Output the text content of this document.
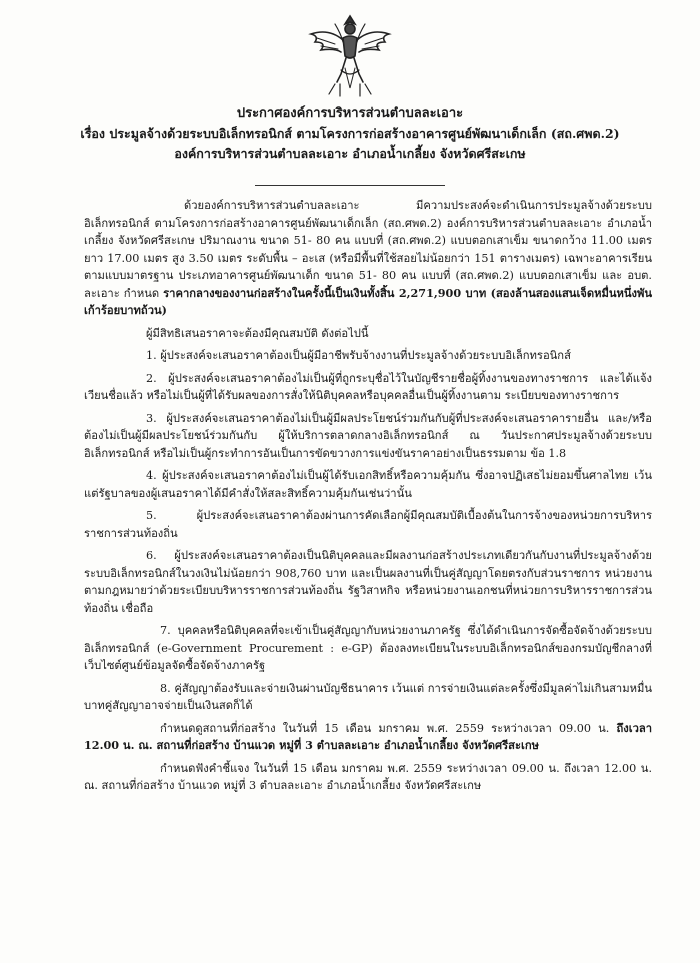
ประกาศองค์การบริหารส่วนตำบลละเอาะ
เรื่อง ประมูลจ้างด้วยระบบอิเล็กทรอนิกส์ ตามโครงการก่อสร้างอาคารศูนย์พัฒนาเด็กเล็ก (สถ.ศพด.2)
องค์การบริหารส่วนตำบลละเอาะ อำเภอน้ำเกลี้ยง จังหวัดศรีสะเกษ

ด้วยองค์การบริหารส่วนตำบลละเอาะ มีความประสงค์จะดำเนินการประมูลจ้างด้วยระบบอิเล็กทรอนิกส์ ตามโครงการก่อสร้างอาคารศูนย์พัฒนาเด็กเล็ก (สถ.ศพด.2) องค์การบริหารส่วนตำบลละเอาะ อำเภอน้ำเกลี้ยง จังหวัดศรีสะเกษ ปริมาณงาน ขนาด 51- 80 คน แบบที่ (สถ.ศพด.2) แบบตอกเสาเข็ม ขนาดกว้าง 11.00 เมตร ยาว 17.00 เมตร สูง 3.50 เมตร ระดับพื้น – อะเส (หรือมีพื้นที่ใช้สอยไม่น้อยกว่า 151 ตารางเมตร) เฉพาะอาคารเรียน ตามแบบมาตรฐาน ประเภทอาคารศูนย์พัฒนาเด็ก ขนาด 51- 80 คน แบบที่ (สถ.ศพด.2) แบบตอกเสาเข็ม และ อบต. ละเอาะ กำหนด ราคากลางของงานก่อสร้างในครั้งนี้เป็นเงินทั้งสิ้น 2,271,900 บาท (สองล้านสองแสนเจ็ดหมื่นหนึ่งพันเก้าร้อยบาทถ้วน)

ผู้มีสิทธิเสนอราคาจะต้องมีคุณสมบัติ ดังต่อไปนี้

1. ผู้ประสงค์จะเสนอราคาต้องเป็นผู้มีอาชีพรับจ้างงานที่ประมูลจ้างด้วยระบบอิเล็กทรอนิกส์

2. ผู้ประสงค์จะเสนอราคาต้องไม่เป็นผู้ที่ถูกระบุชื่อไว้ในบัญชีรายชื่อผู้ทิ้งงานของทางราชการ และได้แจ้งเวียนชื่อแล้ว หรือไม่เป็นผู้ที่ได้รับผลของการสั่งให้นิติบุคคลหรือบุคคลอื่นเป็นผู้ทิ้งงานตาม ระเบียบของทางราชการ

3. ผู้ประสงค์จะเสนอราคาต้องไม่เป็นผู้มีผลประโยชน์ร่วมกันกับผู้ที่ประสงค์จะเสนอราคารายอื่น และ/หรือต้องไม่เป็นผู้มีผลประโยชน์ร่วมกันกับ ผู้ให้บริการตลาดกลางอิเล็กทรอนิกส์ ณ วันประกาศประมูลจ้างด้วยระบบอิเล็กทรอนิกส์ หรือไม่เป็นผู้กระทำการอันเป็นการขัดขวางการแข่งขันราคาอย่างเป็นธรรมตาม ข้อ 1.8

4. ผู้ประสงค์จะเสนอราคาต้องไม่เป็นผู้ได้รับเอกสิทธิ์หรือความคุ้มกัน ซึ่งอาจปฏิเสธไม่ยอมขึ้นศาลไทย เว้นแต่รัฐบาลของผู้เสนอราคาได้มีคำสั่งให้สละสิทธิ์ความคุ้มกันเช่นว่านั้น

5. ผู้ประสงค์จะเสนอราคาต้องผ่านการคัดเลือกผู้มีคุณสมบัติเบื้องต้นในการจ้างของหน่วยการบริหารราชการส่วนท้องถิ่น

6. ผู้ประสงค์จะเสนอราคาต้องเป็นนิติบุคคลและมีผลงานก่อสร้างประเภทเดียวกันกับงานที่ประมูลจ้างด้วยระบบอิเล็กทรอนิกส์ในวงเงินไม่น้อยกว่า 908,760 บาท และเป็นผลงานที่เป็นคู่สัญญาโดยตรงกับส่วนราชการ หน่วยงานตามกฎหมายว่าด้วยระเบียบบริหารราชการส่วนท้องถิ่น รัฐวิสาหกิจ หรือหน่วยงานเอกชนที่หน่วยการบริหารราชการส่วนท้องถิ่น เชื่อถือ

7. บุคคลหรือนิติบุคคลที่จะเข้าเป็นคู่สัญญากับหน่วยงานภาครัฐ ซึ่งได้ดำเนินการจัดซื้อจัดจ้างด้วยระบบอิเล็กทรอนิกส์ (e-Government Procurement : e-GP) ต้องลงทะเบียนในระบบอิเล็กทรอนิกส์ของกรมบัญชีกลางที่เว็บไซต์ศูนย์ข้อมูลจัดซื้อจัดจ้างภาครัฐ

8. คู่สัญญาต้องรับและจ่ายเงินผ่านบัญชีธนาคาร เว้นแต่ การจ่ายเงินแต่ละครั้งซึ่งมีมูลค่าไม่เกินสามหมื่นบาทคู่สัญญาอาจจ่ายเป็นเงินสดก็ได้

กำหนดดูสถานที่ก่อสร้าง ในวันที่ 15 เดือน มกราคม พ.ศ. 2559 ระหว่างเวลา 09.00 น. ถึงเวลา 12.00 น. ณ. สถานที่ก่อสร้าง บ้านแวด หมู่ที่ 3 ตำบลละเอาะ อำเภอน้ำเกลี้ยง จังหวัดศรีสะเกษ

กำหนดฟังคำชี้แจง ในวันที่ 15 เดือน มกราคม พ.ศ. 2559 ระหว่างเวลา 09.00 น. ถึงเวลา 12.00 น. ณ. สถานที่ก่อสร้าง บ้านแวด หมู่ที่ 3 ตำบลละเอาะ อำเภอน้ำเกลี้ยง จังหวัดศรีสะเกษ
